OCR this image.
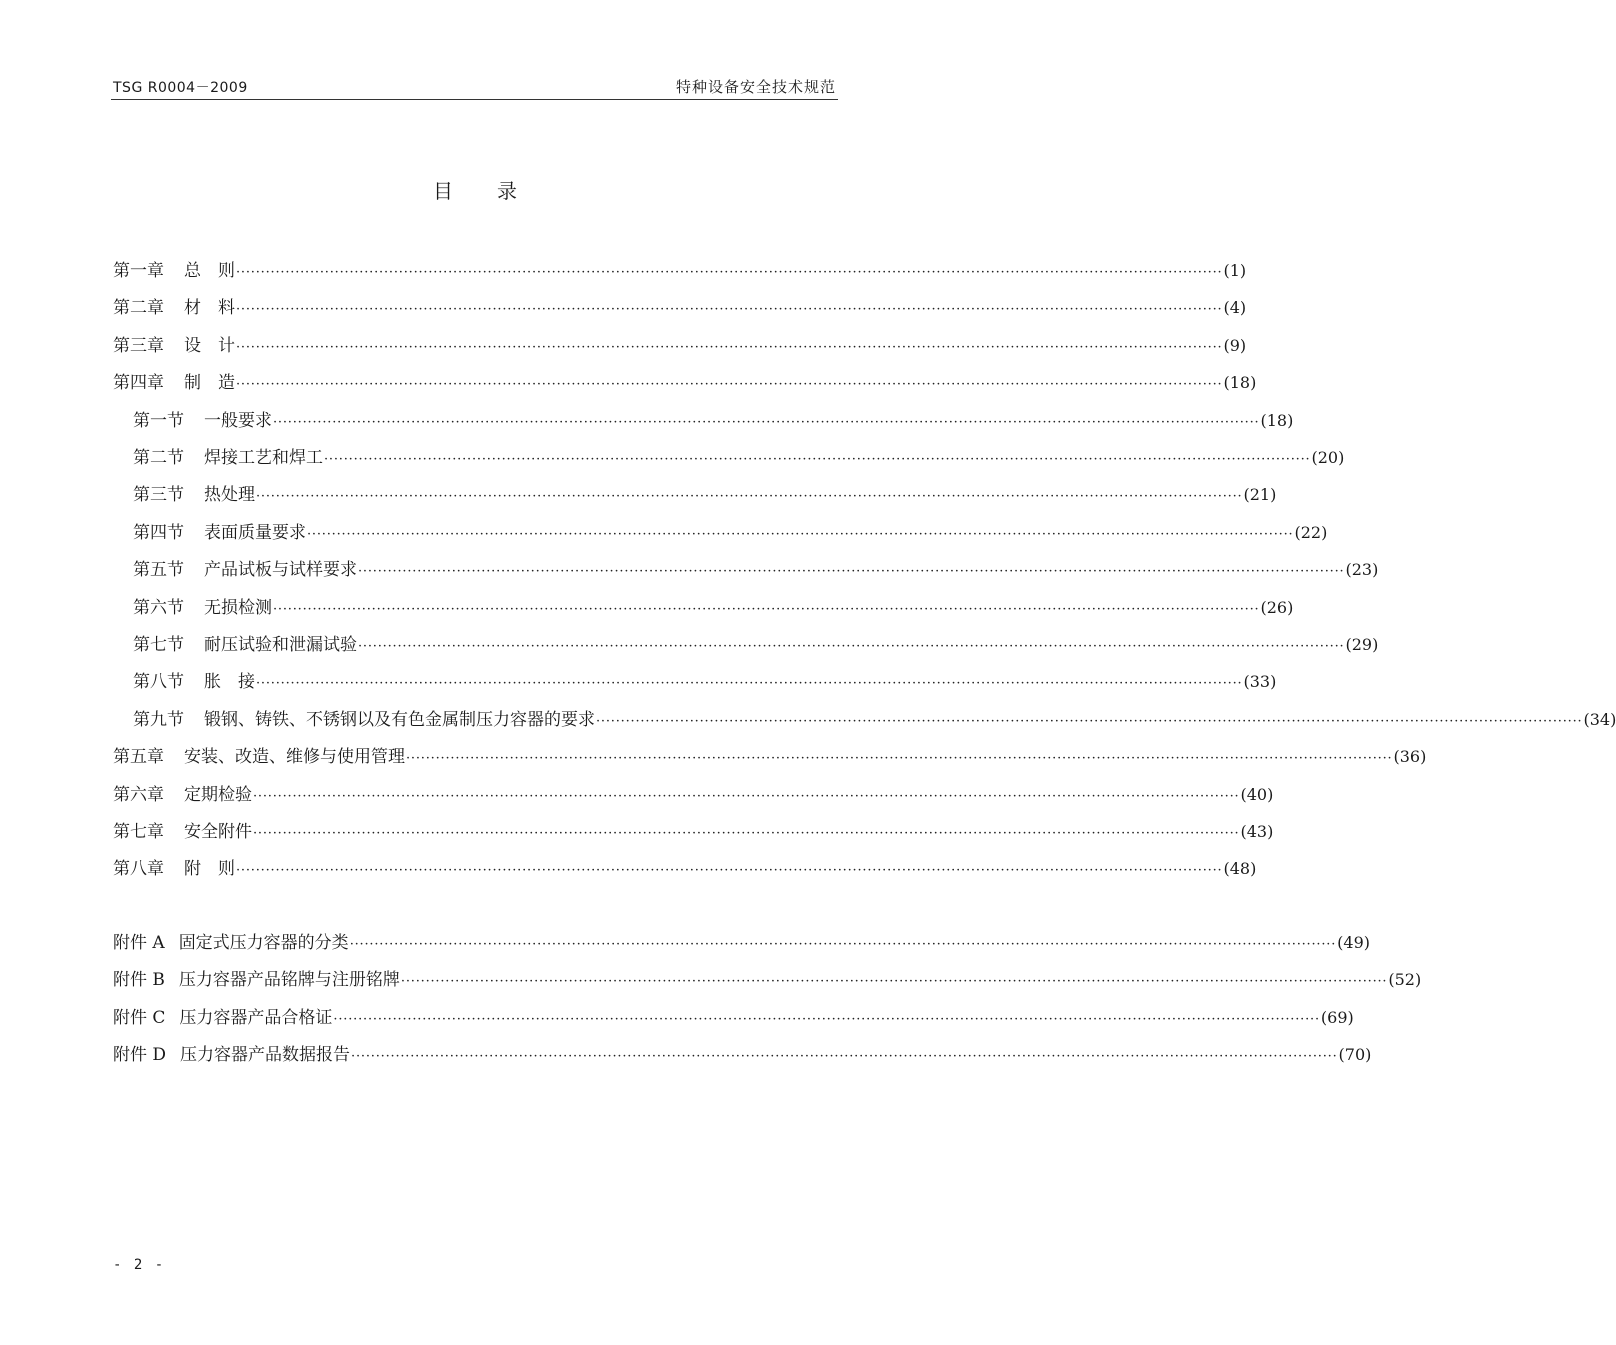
TSG R0004－2009	特种设备安全技术规范
目录
第一章 总　则 ········································································································································································································ (1)
第二章 材　料 ········································································································································································································ (4)
第三章 设　计 ········································································································································································································ (9)
第四章 制　造 ········································································································································································································ (18)
第一节 一般要求 ········································································································································································································ (18)
第二节 焊接工艺和焊工 ········································································································································································································ (20)
第三节 热处理 ········································································································································································································ (21)
第四节 表面质量要求 ········································································································································································································ (22)
第五节 产品试板与试样要求 ········································································································································································································ (23)
第六节 无损检测 ········································································································································································································ (26)
第七节 耐压试验和泄漏试验 ········································································································································································································ (29)
第八节 胀　接 ········································································································································································································ (33)
第九节 锻钢、铸铁、不锈钢以及有色金属制压力容器的要求 ········································································································································································································ (34)
第五章 安装、改造、维修与使用管理 ········································································································································································································ (36)
第六章 定期检验 ········································································································································································································ (40)
第七章 安全附件 ········································································································································································································ (43)
第八章 附　则 ········································································································································································································ (48)
附件 A 固定式压力容器的分类 ········································································································································································································ (49)
附件 B 压力容器产品铭牌与注册铭牌 ········································································································································································································ (52)
附件 C 压力容器产品合格证 ········································································································································································································ (69)
附件 D 压力容器产品数据报告 ········································································································································································································ (70)
- 2 -
